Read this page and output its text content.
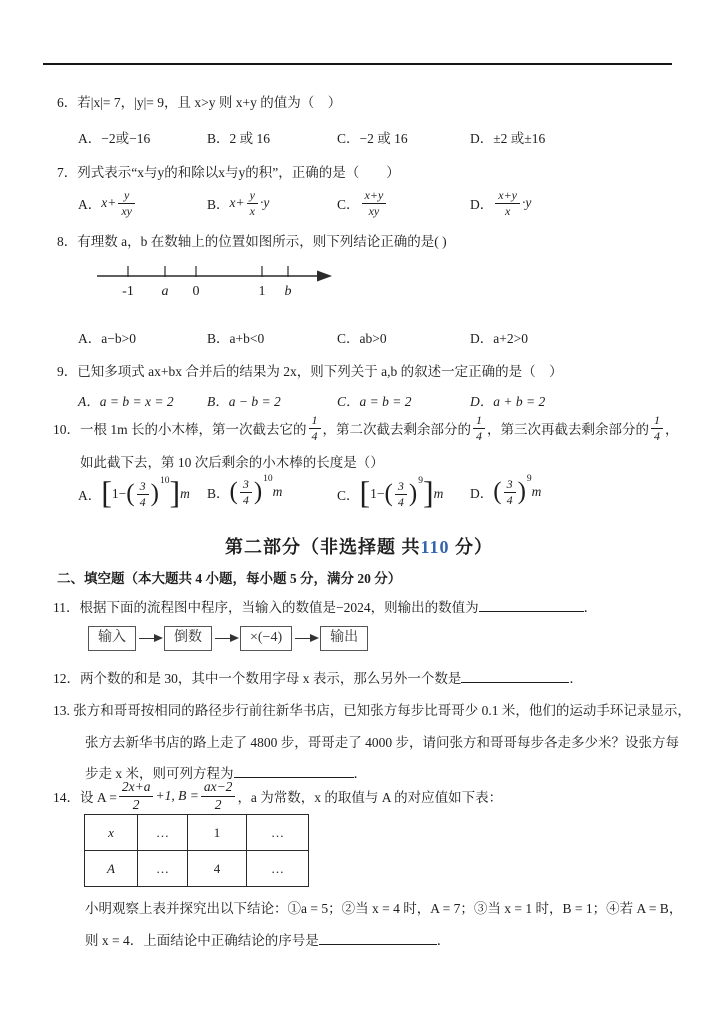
6．若|x|= 7，|y|= 9，且 x>y 则 x+y 的值为（　）
A．−2或−16	B．2 或 16	C．−2 或 16	D．±2 或±16
7．列式表示“x与y的和除以x与y的积”，正确的是（　　）
A． $x+ \frac{y}{xy}$	B． $x+ \frac{y}{x} \cdot y$	C． $\frac{x+y}{xy}$	D． $\frac{x+y}{x} \cdot y$
8．有理数 a，b 在数轴上的位置如图所示，则下列结论正确的是( )
-1 a 0	1 b
A．a−b>0	B．a+b<0	C．ab>0	D．a+2>0
9．已知多项式 ax+bx 合并后的结果为 2x，则下列关于 a,b 的叙述一定正确的是（　）
A．a = b = x = 2 B．a − b = 2	C．a = b = 2	D．a + b = 2
10．一根 1m 长的小木棒，第一次截去它的 $\frac{1}{4}$ ，第二次截去剩余部分的 $\frac{1}{4}$ ，第三次再截去剩余部分的 $\frac{1}{4}$ ，
如此截下去，第 10 次后剩余的小木棒的长度是（）
A． [ 1− ( $\frac{3}{4}$ ) 10 ] m B． ( $\frac{3}{4}$ ) 10
m	C． [ 1− ( $\frac{3}{4}$ ) 9 ] m D． ( $\frac{3}{4}$ ) 9
m
第二部分（非选择题 共110 分）
二、填空题（本大题共 4 小题，每小题 5 分，满分 20 分）
11．根据下面的流程图中程序，当输入的数值是−2024，则输出的数值为	．
输入	倒数	×(−4)	输出
12．两个数的和是 30，其中一个数用字母 x 表示，那么另外一个数是	．
13. 张方和哥哥按相同的路径步行前往新华书店，已知张方每步比哥哥少 0.1 米，他们的运动手环记录显示，
张方去新华书店的路上走了 4800 步，哥哥走了 4000 步，请问张方和哥哥每步各走多少米？设张方每
步走 x 米，则可列方程为	．
14．设 $A = \frac{2x+a}{2} +1$, $B = \frac{ax-2}{2}$ ，a 为常数，x 的取值与 A 的对应值如下表：
x	…	1	…
A	…	4	…
小明观察上表并探究出以下结论：①a = 5；②当 x = 4 时，A = 7；③当 x = 1 时，B = 1；④若 A = B，
则 x = 4．上面结论中正确结论的序号是	．
